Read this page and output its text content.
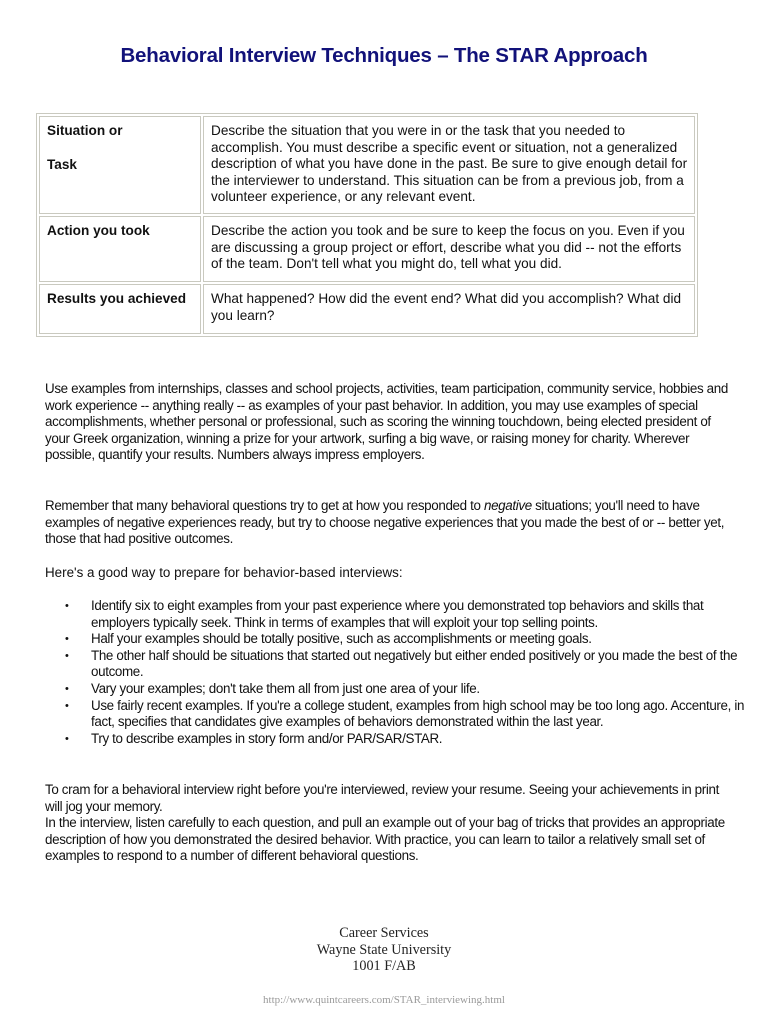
Behavioral Interview Techniques – The STAR Approach
Situation or
Task	Describe the situation that you were in or the task that you needed to accomplish. You must describe a specific event or situation, not a generalized description of what you have done in the past. Be sure to give enough detail for the interviewer to understand. This situation can be from a previous job, from a volunteer experience, or any relevant event.
Action you took	Describe the action you took and be sure to keep the focus on you. Even if you are discussing a group project or effort, describe what you did -- not the efforts of the team. Don't tell what you might do, tell what you did.
Results you achieved	What happened? How did the event end? What did you accomplish? What did you learn?
Use examples from internships, classes and school projects, activities, team participation, community service, hobbies and work experience -- anything really -- as examples of your past behavior. In addition, you may use examples of special accomplishments, whether personal or professional, such as scoring the winning touchdown, being elected president of your Greek organization, winning a prize for your artwork, surfing a big wave, or raising money for charity. Wherever possible, quantify your results. Numbers always impress employers.
Remember that many behavioral questions try to get at how you responded to negative situations; you'll need to have examples of negative experiences ready, but try to choose negative experiences that you made the best of or -- better yet, those that had positive outcomes.
Here's a good way to prepare for behavior-based interviews:
• Identify six to eight examples from your past experience where you demonstrated top behaviors and skills that employers typically seek. Think in terms of examples that will exploit your top selling points.
• Half your examples should be totally positive, such as accomplishments or meeting goals.
• The other half should be situations that started out negatively but either ended positively or you made the best of the outcome.
• Vary your examples; don't take them all from just one area of your life.
• Use fairly recent examples. If you're a college student, examples from high school may be too long ago. Accenture, in fact, specifies that candidates give examples of behaviors demonstrated within the last year.
• Try to describe examples in story form and/or PAR/SAR/STAR.
To cram for a behavioral interview right before you're interviewed, review your resume. Seeing your achievements in print will jog your memory.
In the interview, listen carefully to each question, and pull an example out of your bag of tricks that provides an appropriate description of how you demonstrated the desired behavior. With practice, you can learn to tailor a relatively small set of examples to respond to a number of different behavioral questions.
Career Services
Wayne State University
1001 F/AB
http://www.quintcareers.com/STAR_interviewing.html
